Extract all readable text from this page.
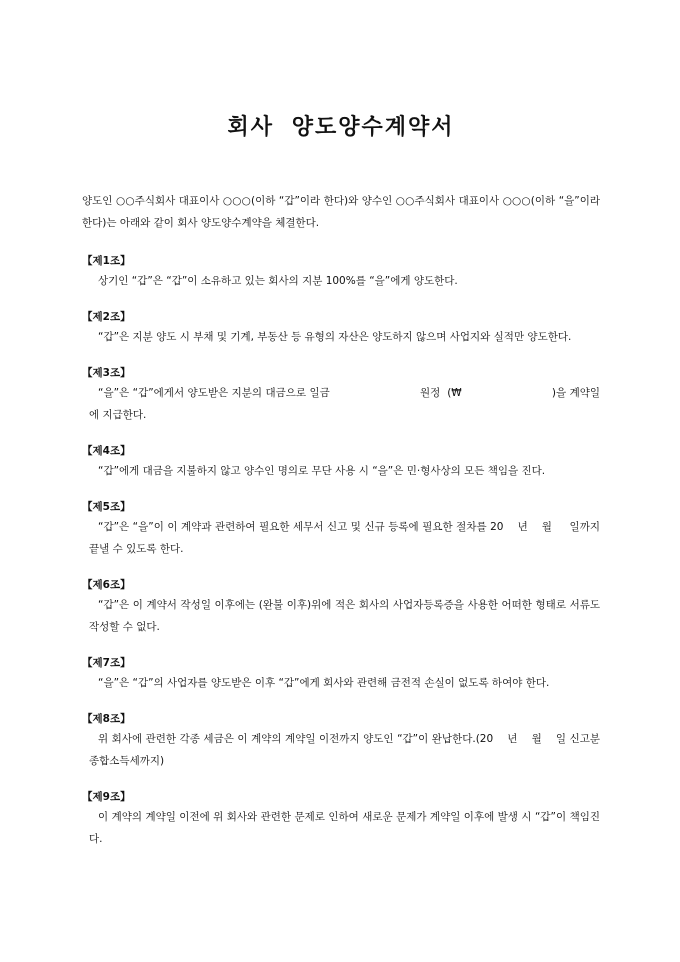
회사 양도양수계약서

양도인 ○○주식회사 대표이사 ○○○(이하 “갑”이라 한다)와 양수인 ○○주식회사 대표이사 ○○○(이하 “을”이라 한다)는 아래와 같이 회사 양도양수계약을 체결한다.

【제1조】
상기인 “갑”은 “갑”이 소유하고 있는 회사의 지분 100%를 “을”에게 양도한다.
【제2조】
“갑”은 지분 양도 시 부채 및 기계, 부동산 등 유형의 자산은 양도하지 않으며 사업지와 실적만 양도한다.
【제3조】
“을”은 “갑”에게서 양도받은 지분의 대금으로 일금                          원정  (₩                          )을 계약일에 지급한다.
【제4조】
“갑”에게 대금을 지불하지 않고 양수인 명의로 무단 사용 시 “을”은 민·형사상의 모든 책임을 진다.
【제5조】
“갑”은 “을”이 이 계약과 관련하여 필요한 세무서 신고 및 신규 등록에 필요한 절차를 20    년    월     일까지 끝낼 수 있도록 한다.
【제6조】
“갑”은 이 계약서 작성일 이후에는 (완불 이후)위에 적은 회사의 사업자등록증을 사용한 어떠한 형태로 서류도 작성할 수 없다.
【제7조】
“을”은 “갑”의 사업자를 양도받은 이후 “갑”에게 회사와 관련해 금전적 손실이 없도록 하여야 한다.
【제8조】
위 회사에 관련한 각종 세금은 이 계약의 계약일 이전까지 양도인 “갑”이 완납한다.(20    년    월    일 신고분 종합소득세까지)
【제9조】
이 계약의 계약일 이전에 위 회사와 관련한 문제로 인하여 새로운 문제가 계약일 이후에 발생 시 “갑”이 책임진다.
